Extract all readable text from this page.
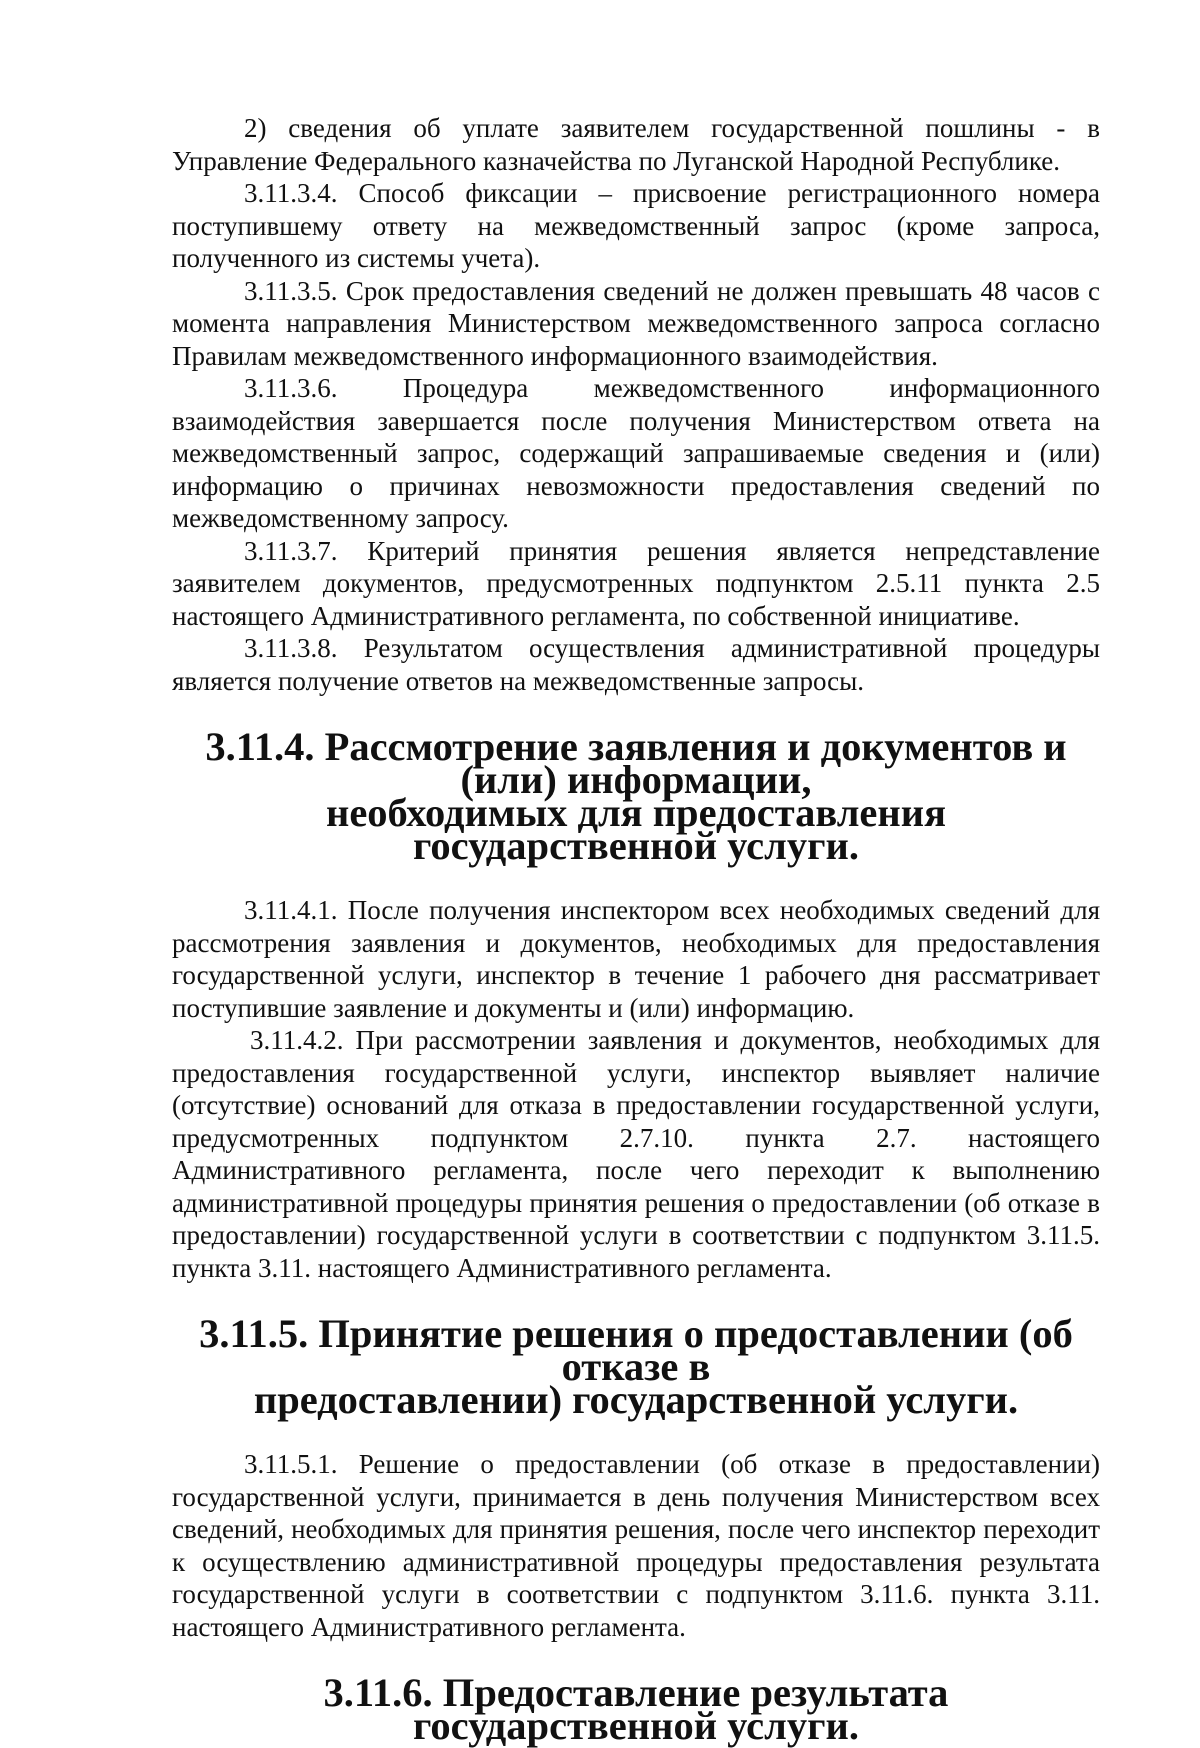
2) сведения об уплате заявителем государственной пошлины - в Управление Федерального казначейства по Луганской Народной Республике.

3.11.3.4. Способ фиксации – присвоение регистрационного номера поступившему ответу на межведомственный запрос (кроме запроса, полученного из системы учета).

3.11.3.5. Срок предоставления сведений не должен превышать 48 часов с момента направления Министерством межведомственного запроса согласно Правилам межведомственного информационного взаимодействия.

3.11.3.6. Процедура межведомственного информационного взаимодействия завершается после получения Министерством ответа на межведомственный запрос, содержащий запрашиваемые сведения и (или) информацию о причинах невозможности предоставления сведений по межведомственному запросу.

3.11.3.7. Критерий принятия решения является непредставление заявителем документов, предусмотренных подпунктом 2.5.11 пункта 2.5 настоящего Административного регламента, по собственной инициативе.

3.11.3.8. Результатом осуществления административной процедуры является получение ответов на межведомственные запросы.

3.11.4. Рассмотрение заявления и документов и (или) информации,
необходимых для предоставления государственной услуги.

3.11.4.1. После получения инспектором всех необходимых сведений для рассмотрения заявления и документов, необходимых для предоставления государственной услуги, инспектор в течение 1 рабочего дня рассматривает поступившие заявление и документы и (или) информацию.

3.11.4.2. При рассмотрении заявления и документов, необходимых для предоставления государственной услуги, инспектор выявляет наличие (отсутствие) оснований для отказа в предоставлении государственной услуги, предусмотренных подпунктом 2.7.10. пункта 2.7. настоящего Административного регламента, после чего переходит к выполнению административной процедуры принятия решения о предоставлении (об отказе в предоставлении) государственной услуги в соответствии с подпунктом 3.11.5. пункта 3.11. настоящего Административного регламента.

3.11.5. Принятие решения о предоставлении (об отказе в
предоставлении) государственной услуги.

3.11.5.1. Решение о предоставлении (об отказе в предоставлении) государственной услуги, принимается в день получения Министерством всех сведений, необходимых для принятия решения, после чего инспектор переходит к осуществлению административной процедуры предоставления результата государственной услуги в соответствии с подпунктом 3.11.6. пункта 3.11. настоящего Административного регламента.

3.11.6. Предоставление результата государственной услуги.
